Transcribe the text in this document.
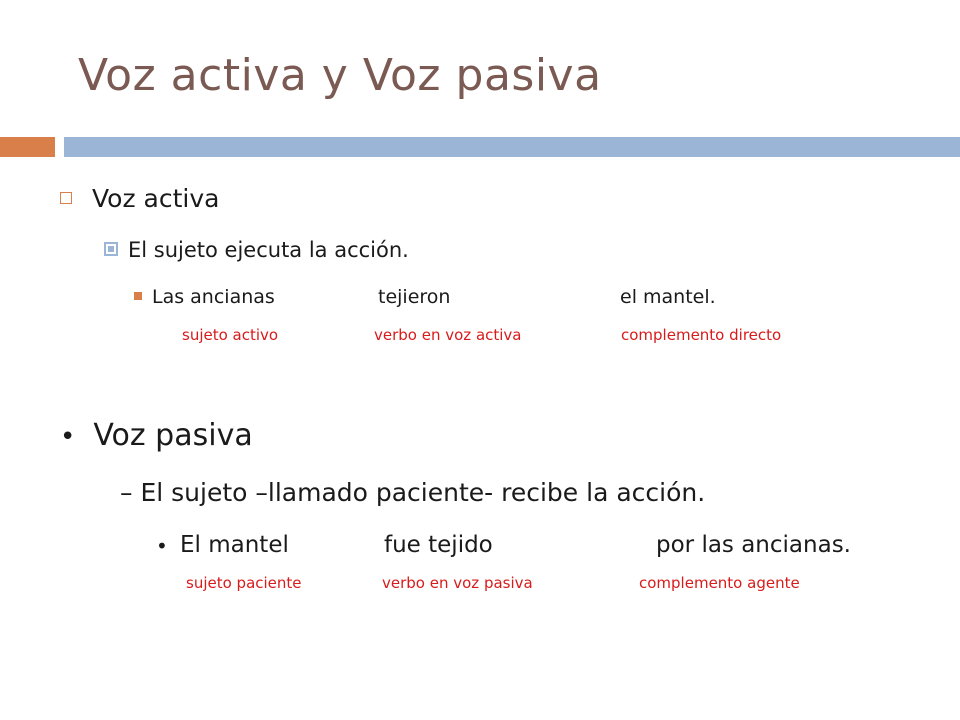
Voz activa y Voz pasiva
Voz activa
El sujeto ejecuta la acción.
Las ancianas	tejieron	el mantel.
sujeto activo	verbo en voz activa	complemento directo
• Voz pasiva
– El sujeto –llamado paciente- recibe la acción.
• El mantel	fue tejido	por las ancianas.
sujeto paciente	verbo en voz pasiva	complemento agente
